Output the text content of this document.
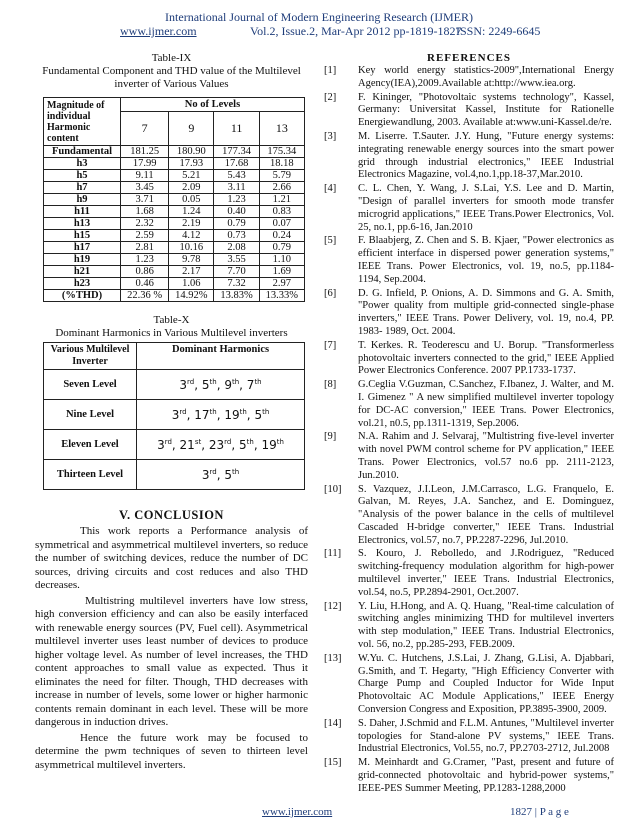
International Journal of Modern Engineering Research (IJMER)
www.ijmer.com	Vol.2, Issue.2, Mar-Apr 2012 pp-1819-1827
ISSN: 2249-6645
Table-IX
Fundamental Component and THD value of the Multilevel inverter of Various Values
Magnitude of individual Harmonic content	No of Levels			
	7	9	11	13
Fundamental	181.25	180.90	177.34	175.34
h3	17.99	17.93	17.68	18.18
h5	9.11	5.21	5.43	5.79
h7	3.45	2.09	3.11	2.66
h9	3.71	0.05	1.23	1.21
h11	1.68	1.24	0.40	0.83
h13	2.32	2.19	0.79	0.07
h15	2.59	4.12	0.73	0.24
h17	2.81	10.16	2.08	0.79
h19	1.23	9.78	3.55	1.10
h21	0.86	2.17	7.70	1.69
h23	0.46	1.06	7.32	2.97
(%THD)	22.36 %	14.92%	13.83%	13.33%
Table-X
Dominant Harmonics in Various Multilevel inverters
Various Multilevel Inverter	Dominant Harmonics
Seven Level	3rd, 5th, 9th, 7th
Nine Level	3rd, 17th, 19th, 5th
Eleven Level	3rd, 21st, 23rd, 5th, 19th
Thirteen Level	3rd, 5th
V. CONCLUSION

This work reports a Performance analysis of symmetrical and asymmetrical multilevel inverters, so reduce the number of switching devices, reduce the number of DC sources, driving circuits and cost reduces and also THD decreases.

Multistring multilevel inverters have low stress, high conversion efficiency and can also be easily interfaced with renewable energy sources (PV, Fuel cell). Asymmetrical multilevel inverter uses least number of devices to produce higher voltage level. As number of level increases, the THD content approaches to small value as expected. Thus it eliminates the need for filter. Though, THD decreases with increase in number of levels, some lower or higher harmonic contents remain dominant in each level. These will be more dangerous in induction drives.

Hence the future work may be focused to determine the pwm techniques of seven to thirteen level asymmetrical multilevel inverters.

REFERENCES
[1]	Key world energy statistics-2009",International Energy Agency(IEA),2009.Available at:http://www.iea.org.
[2]	F. Kininger, "Photovoltaic systems technology", Kassel, Germany: Universitat Kassel, Institute for Rationelle Energiewandlung, 2003. Available at:www.uni-Kassel.de/re.
[3]	M. Liserre. T.Sauter. J.Y. Hung, "Future energy systems: integrating renewable energy sources into the smart power grid through industrial electronics," IEEE Industrial Electronics Magazine, vol.4,no.1,pp.18-37,Mar.2010.
[4]	C. L. Chen, Y. Wang, J. S.Lai, Y.S. Lee and D. Martin, "Design of parallel inverters for smooth mode transfer microgrid applications," IEEE Trans.Power Electronics, Vol. 25, no.1, pp.6-16, Jan.2010
[5]	F. Blaabjerg, Z. Chen and S. B. Kjaer, "Power electronics as efficient interface in dispersed power generation systems," IEEE Trans. Power Electronics, vol. 19, no.5, pp.1184- 1194, Sep.2004.
[6]	D. G. Infield, P. Onions, A. D. Simmons and G. A. Smith, "Power quality from multiple grid-connected single-phase inverters," IEEE Trans. Power Delivery, vol. 19, no.4, PP. 1983- 1989, Oct. 2004.
[7]	T. Kerkes. R. Teoderescu and U. Borup. "Transformerless photovoltaic inverters connected to the grid," IEEE Applied Power Electronics Conference. 2007 PP.1733-1737.
[8]	G.Ceglia V.Guzman, C.Sanchez, F.Ibanez, J. Walter, and M. I. Gimenez " A new simplified multilevel inverter topology for DC-AC conversion," IEEE Trans. Power Electronics, vol.21, n0.5, pp.1311-1319, Sep.2006.
[9]	N.A. Rahim and J. Selvaraj, "Multistring five-level inverter with novel PWM control scheme for PV application," IEEE Trans. Power Electronics, vol.57 no.6 pp. 2111-2123, Jun.2010.
[10]	S. Vazquez, J.I.Leon, J.M.Carrasco, L.G. Franquelo, E. Galvan, M. Reyes, J.A. Sanchez, and E. Dominguez, "Analysis of the power balance in the cells of multilevel Cascaded H-bridge converter," IEEE Trans. Industrial Electronics, vol.57, no.7, PP.2287-2296, Jul.2010.
[11]	S. Kouro, J. Rebolledo, and J.Rodriguez, "Reduced switching-frequency modulation algorithm for high-power multilevel inverter," IEEE Trans. Industrial Electronics, vol.54, no.5, PP.2894-2901, Oct.2007.
[12]	Y. Liu, H.Hong, and A. Q. Huang, "Real-time calculation of switching angles minimizing THD for multilevel inverters with step modulation," IEEE Trans. Industrial Electronics, vol. 56, no.2, pp.285-293, FEB.2009.
[13]	W.Yu. C. Hutchens, J.S.Lai, J. Zhang, G.Lisi, A. Djabbari, G.Smith, and T. Hegarty, "High Efficiency Converter with Charge Pump and Coupled Inductor for Wide Input Photovoltaic AC Module Applications," IEEE Energy Conversion Congress and Exposition, PP.3895-3900, 2009.
[14]	S. Daher, J.Schmid and F.L.M. Antunes, "Multilevel inverter topologies for Stand-alone PV systems," IEEE Trans. Industrial Electronics, Vol.55, no.7, PP.2703-2712, Jul.2008
[15]	M. Meinhardt and G.Cramer, "Past, present and future of grid-connected photovoltaic and hybrid-power systems," IEEE-PES Summer Meeting, PP.1283-1288,2000
www.ijmer.com	1827 | P a g e
